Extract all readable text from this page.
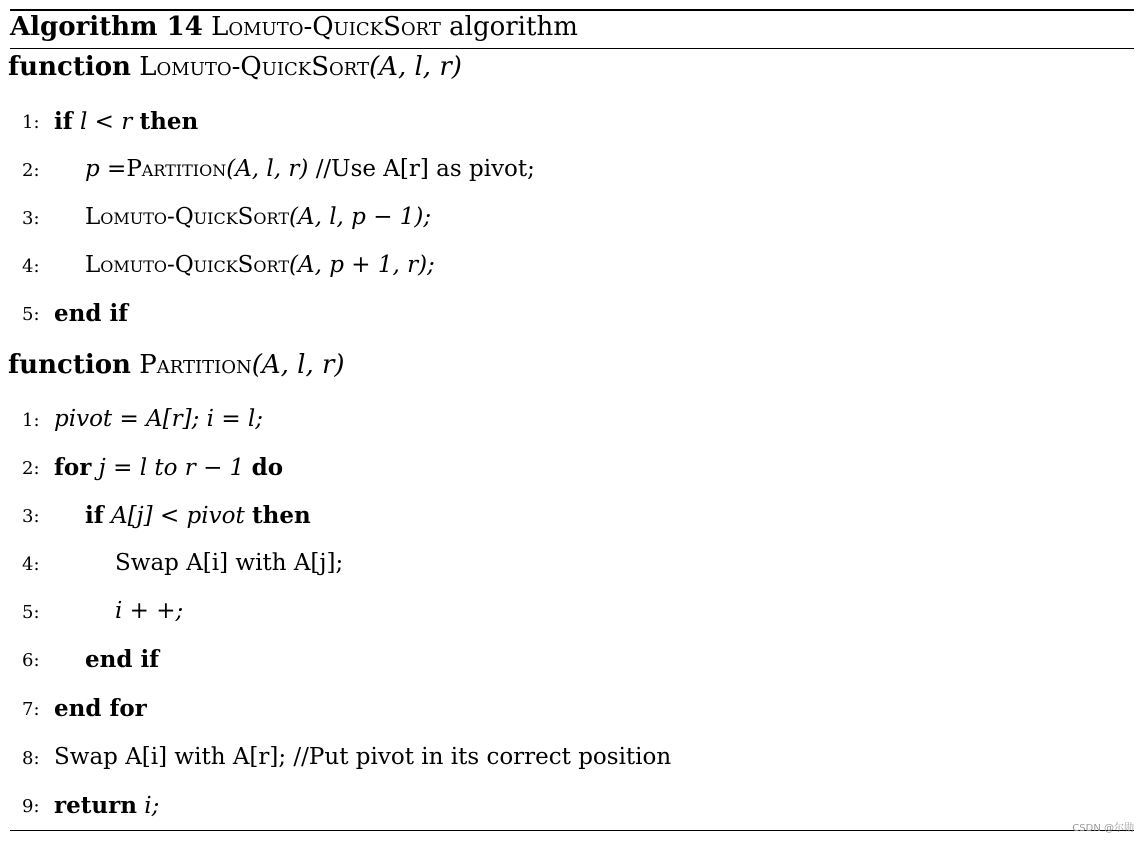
Algorithm 14 Lomuto-QuickSort algorithm
function Lomuto-QuickSort(A, l, r)
1: if l < r then
2: p =Partition(A, l, r) //Use A[r] as pivot;
3: Lomuto-QuickSort(A, l, p − 1);
4: Lomuto-QuickSort(A, p + 1, r);
5: end if
function Partition(A, l, r)
1: pivot = A[r]; i = l;
2: for j = l to r − 1 do
3: if A[j] < pivot then
4:	Swap A[i] with A[j];
5:	i + +;
6: end if
7: end for
8: Swap A[i] with A[r]; //Put pivot in its correct position
9: return i;
CSDN @尔勋
